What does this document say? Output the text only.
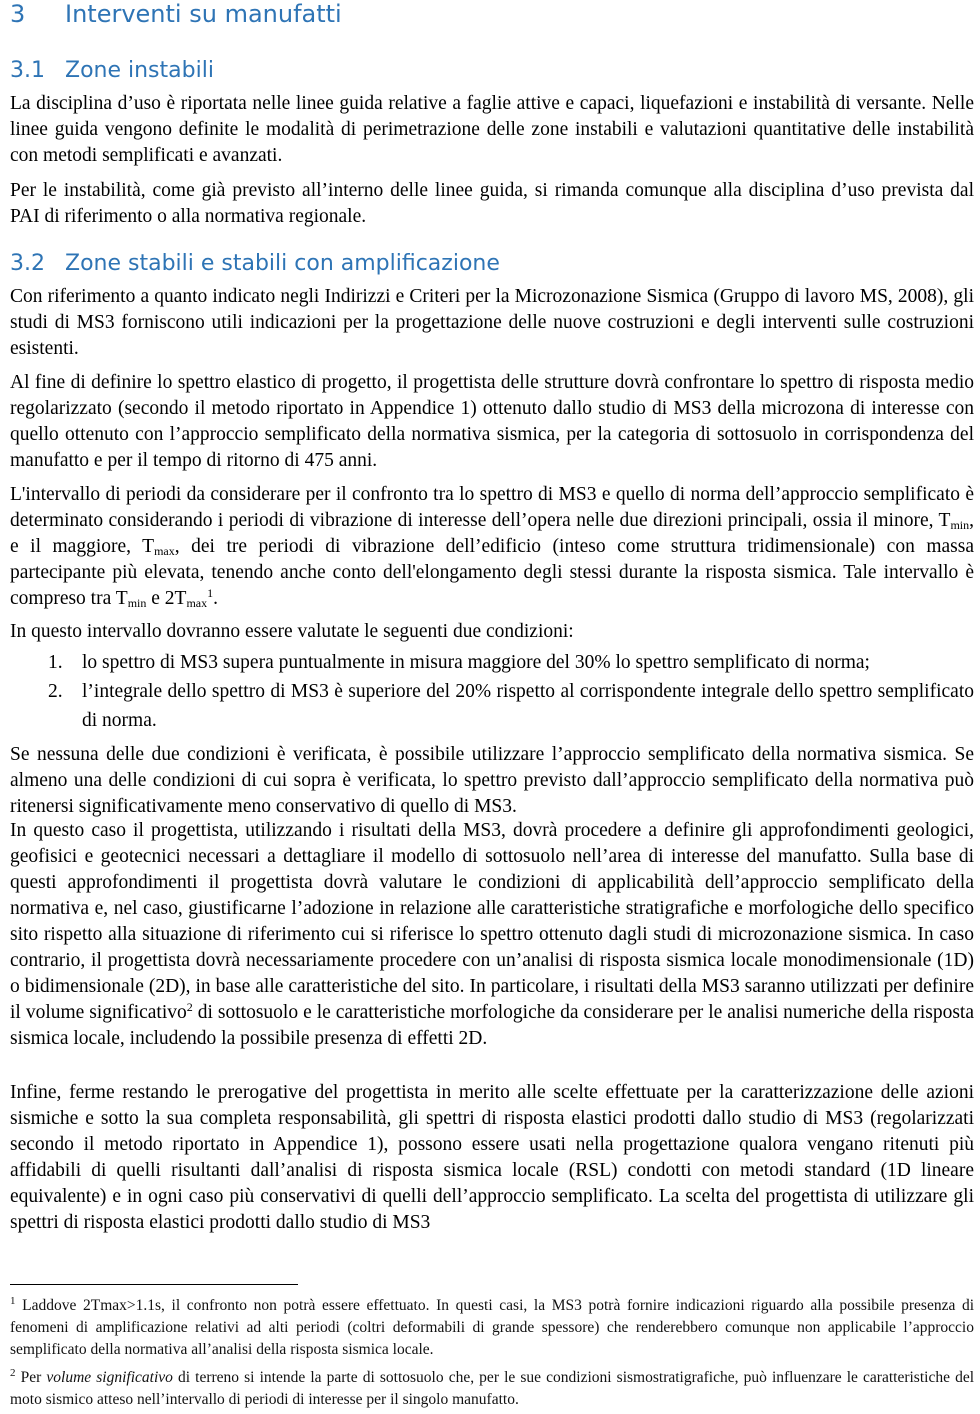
3 Interventi su manufatti
3.1 Zone instabili

La disciplina d’uso è riportata nelle linee guida relative a faglie attive e capaci, liquefazioni e instabilità di versante. Nelle linee guida vengono definite le modalità di perimetrazione delle zone instabili e valutazioni quantitative delle instabilità con metodi semplificati e avanzati.

Per le instabilità, come già previsto all’interno delle linee guida, si rimanda comunque alla disciplina d’uso prevista dal PAI di riferimento o alla normativa regionale.

3.2 Zone stabili e stabili con amplificazione

Con riferimento a quanto indicato negli Indirizzi e Criteri per la Microzonazione Sismica (Gruppo di lavoro MS, 2008), gli studi di MS3 forniscono utili indicazioni per la progettazione delle nuove costruzioni e degli interventi sulle costruzioni esistenti.

Al fine di definire lo spettro elastico di progetto, il progettista delle strutture dovrà confrontare lo spettro di risposta medio regolarizzato (secondo il metodo riportato in Appendice 1) ottenuto dallo studio di MS3 della microzona di interesse con quello ottenuto con l’approccio semplificato della normativa sismica, per la categoria di sottosuolo in corrispondenza del manufatto e per il tempo di ritorno di 475 anni.

L'intervallo di periodi da considerare per il confronto tra lo spettro di MS3 e quello di norma dell’approccio semplificato è determinato considerando i periodi di vibrazione di interesse dell’opera nelle due direzioni principali, ossia il minore, $T_{min}$, e il maggiore, $T_{max}$, dei tre periodi di vibrazione dell’edificio (inteso come struttura tridimensionale) con massa partecipante più elevata, tenendo anche conto dell'elongamento degli stessi durante la risposta sismica. Tale intervallo è compreso tra $T_{min}$ e $2T_{max}^1$.

In questo intervallo dovranno essere valutate le seguenti due condizioni:

1. lo spettro di MS3 supera puntualmente in misura maggiore del 30% lo spettro semplificato di norma;
2. l’integrale dello spettro di MS3 è superiore del 20% rispetto al corrispondente integrale dello spettro semplificato di norma.

Se nessuna delle due condizioni è verificata, è possibile utilizzare l’approccio semplificato della normativa sismica. Se almeno una delle condizioni di cui sopra è verificata, lo spettro previsto dall’approccio semplificato della normativa può ritenersi significativamente meno conservativo di quello di MS3.

In questo caso il progettista, utilizzando i risultati della MS3, dovrà procedere a definire gli approfondimenti geologici, geofisici e geotecnici necessari a dettagliare il modello di sottosuolo nell’area di interesse del manufatto. Sulla base di questi approfondimenti il progettista dovrà valutare le condizioni di applicabilità dell’approccio semplificato della normativa e, nel caso, giustificarne l’adozione in relazione alle caratteristiche stratigrafiche e morfologiche dello specifico sito rispetto alla situazione di riferimento cui si riferisce lo spettro ottenuto dagli studi di microzonazione sismica. In caso contrario, il progettista dovrà necessariamente procedere con un’analisi di risposta sismica locale monodimensionale (1D) o bidimensionale (2D), in base alle caratteristiche del sito. In particolare, i risultati della MS3 saranno utilizzati per definire il volume significativo$^2$ di sottosuolo e le caratteristiche morfologiche da considerare per le analisi numeriche della risposta sismica locale, includendo la possibile presenza di effetti 2D.

Infine, ferme restando le prerogative del progettista in merito alle scelte effettuate per la caratterizzazione delle azioni sismiche e sotto la sua completa responsabilità, gli spettri di risposta elastici prodotti dallo studio di MS3 (regolarizzati secondo il metodo riportato in Appendice 1), possono essere usati nella progettazione qualora vengano ritenuti più affidabili di quelli risultanti dall’analisi di risposta sismica locale (RSL) condotti con metodi standard (1D lineare equivalente) e in ogni caso più conservativi di quelli dell’approccio semplificato. La scelta del progettista di utilizzare gli spettri di risposta elastici prodotti dallo studio di MS3

$^1$ Laddove 2Tmax>1.1s, il confronto non potrà essere effettuato. In questi casi, la MS3 potrà fornire indicazioni riguardo alla possibile presenza di fenomeni di amplificazione relativi ad alti periodi (coltri deformabili di grande spessore) che renderebbero comunque non applicabile l’approccio semplificato della normativa all’analisi della risposta sismica locale.

$^2$ Per volume significativo di terreno si intende la parte di sottosuolo che, per le sue condizioni sismostratigrafiche, può influenzare le caratteristiche del moto sismico atteso nell’intervallo di periodi di interesse per il singolo manufatto.
